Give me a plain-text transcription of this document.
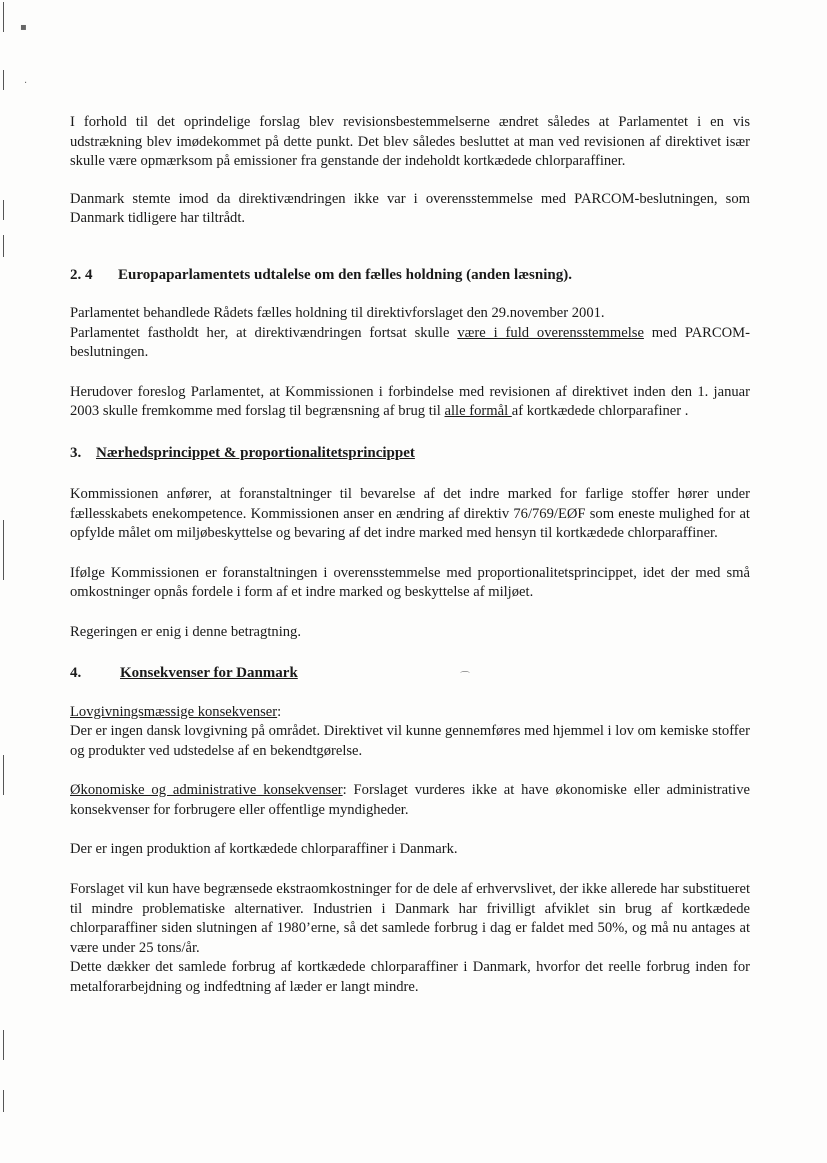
▪
·
⌒

I forhold til det oprindelige forslag blev revisionsbestemmelserne ændret således at Parlamentet i en vis udstrækning blev imødekommet på dette punkt. Det blev således besluttet at man ved revisionen af direktivet især skulle være opmærksom på emissioner fra genstande der indeholdt kortkædede chlorparaffiner.

Danmark stemte imod da direktivændringen ikke var i overensstemmelse med PARCOM-beslutningen, som Danmark tidligere har tiltrådt.

2. 4	Europaparlamentets udtalelse om den fælles holdning (anden læsning).

Parlamentet behandlede Rådets fælles holdning til direktivforslaget den 29.november 2001.
Parlamentet fastholdt her, at direktivændringen fortsat skulle være i fuld overensstemmelse med PARCOM-beslutningen.

Herudover foreslog Parlamentet, at Kommissionen i forbindelse med revisionen af direktivet inden den 1. januar 2003 skulle fremkomme med forslag til begrænsning af brug til alle formål af kortkædede chlorparafiner .

3. Nærhedsprincippet & proportionalitetsprincippet

Kommissionen anfører, at foranstaltninger til bevarelse af det indre marked for farlige stoffer hører under fællesskabets enekompetence. Kommissionen anser en ændring af direktiv 76/769/EØF som eneste mulighed for at opfylde målet om miljøbeskyttelse og bevaring af det indre marked med hensyn til kortkædede chlorparaffiner.

Ifølge Kommissionen er foranstaltningen i overensstemmelse med proportionalitetsprincippet, idet der med små omkostninger opnås fordele i form af et indre marked og beskyttelse af miljøet.

Regeringen er enig i denne betragtning.

4.	Konsekvenser for Danmark

Lovgivningsmæssige konsekvenser:
Der er ingen dansk lovgivning på området. Direktivet vil kunne gennemføres med hjemmel i lov om kemiske stoffer og produkter ved udstedelse af en bekendtgørelse.

Økonomiske og administrative konsekvenser: Forslaget vurderes ikke at have økonomiske eller administrative konsekvenser for forbrugere eller offentlige myndigheder.

Der er ingen produktion af kortkædede chlorparaffiner i Danmark.

Forslaget vil kun have begrænsede ekstraomkostninger for de dele af erhvervslivet, der ikke allerede har substitueret til mindre problematiske alternativer. Industrien i Danmark har frivilligt afviklet sin brug af kortkædede chlorparaffiner siden slutningen af 1980’erne, så det samlede forbrug i dag er faldet med 50%, og må nu antages at være under 25 tons/år.

Dette dækker det samlede forbrug af kortkædede chlorparaffiner i Danmark, hvorfor det reelle forbrug inden for metalforarbejdning og indfedtning af læder er langt mindre.
